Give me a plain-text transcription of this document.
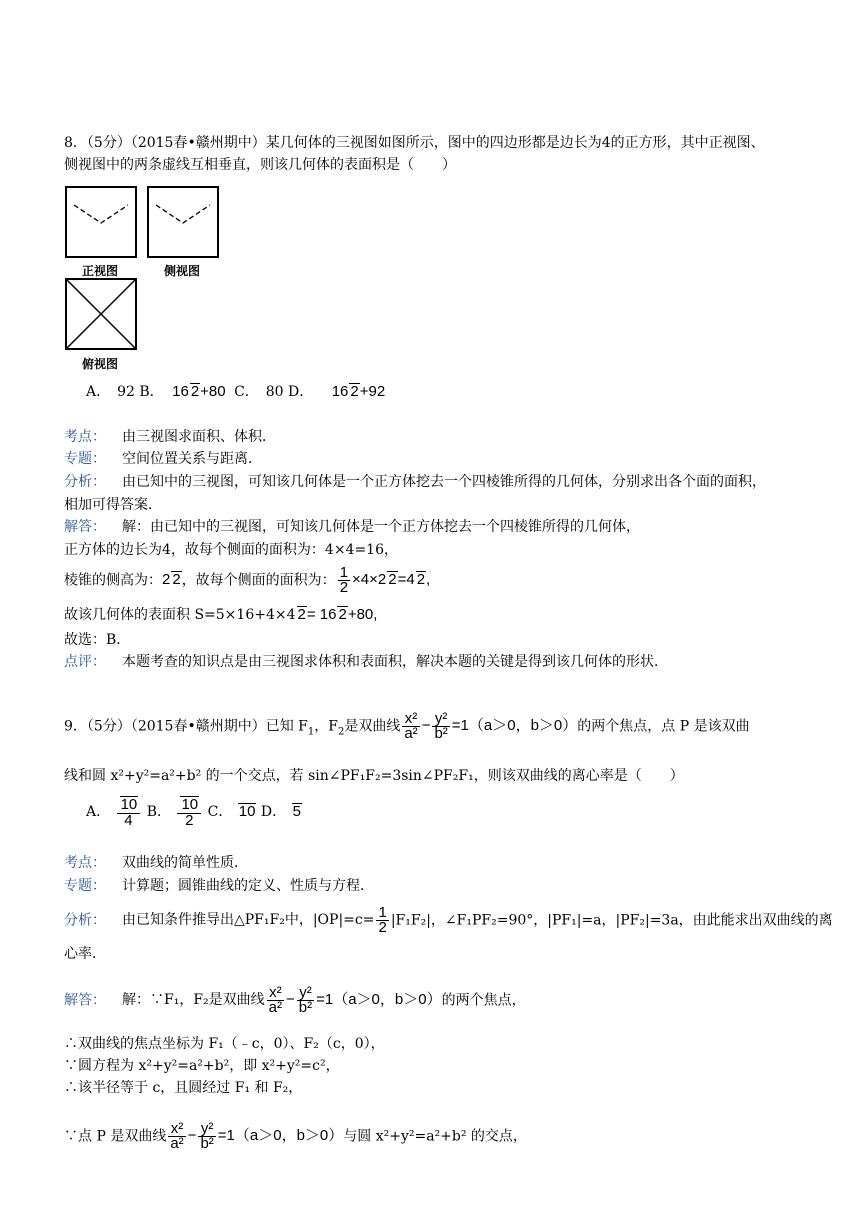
8．（5分）（2015春•赣州期中）某几何体的三视图如图所示，图中的四边形都是边长为4的正方形，其中正视图、
侧视图中的两条虚线互相垂直，则该几何体的表面积是（　　）
正视图	侧视图
俯视图
A．　92 B． 16 2+80 C．　80 D． 16 2+92
考点： 由三视图求面积、体积．
专题： 空间位置关系与距离．
分析： 由已知中的三视图，可知该几何体是一个正方体挖去一个四棱锥所得的几何体，分别求出各个面的面积，
相加可得答案．
解答： 解：由已知中的三视图，可知该几何体是一个正方体挖去一个四棱锥所得的几何体，
正方体的边长为4，故每个侧面的面积为：4×4=16，
棱锥的侧高为：2 2，故每个侧面的面积为： $\frac{1}{2} \times 4\times 2$ 2=4 2,
故该几何体的表面积 S=5×16+4×4 2= 16 2+80,
故选：B．
点评： 本题考查的知识点是由三视图求体积和表面积，解决本题的关键是得到该几何体的形状．
9．（5分）（2015春•赣州期中）已知 $F_1$，$F_2$是双曲线 $\frac{\text{x²}}{\text{a²}} - \frac{\text{y²}}{\text{b²}} =1(a>0$，b＞0）的两个焦点，点 P 是该双曲
线和圆 x²+y²=a²+b² 的一个交点，若 sin∠PF₁F₂=3sin∠PF₂F₁，则该双曲线的离心率是（　　）
A． $\frac{10}{4}$ B． $\frac{10}{2}$ C． 10 D． 5
考点： 双曲线的简单性质．
专题： 计算题；圆锥曲线的定义、性质与方程．
分析： 由已知条件推导出△PF₁F₂中，$|OP|=c= \frac{1}{2} |F_1F_2|$，∠F₁PF₂=90°，|PF₁|=a，|PF₂|=3a，由此能求出双曲线的离
心率．
解答： 解：∵F₁，F₂是双曲线 $\frac{\text{x²}}{\text{a²}} - \frac{\text{y²}}{\text{b²}} =1(a>0$，b＞0）的两个焦点，
∴双曲线的焦点坐标为 F₁（﹣c，0）、F₂（c，0），
∵圆方程为 x²+y²=a²+b²，即 x²+y²=c²，
∴该半径等于 c，且圆经过 F₁ 和 F₂，
∵点 P 是双曲线 $\frac{\text{x²}}{\text{a²}} - \frac{\text{y²}}{\text{b²}} =1(a>0$，b＞0）与圆 x²+y²=a²+b² 的交点，
